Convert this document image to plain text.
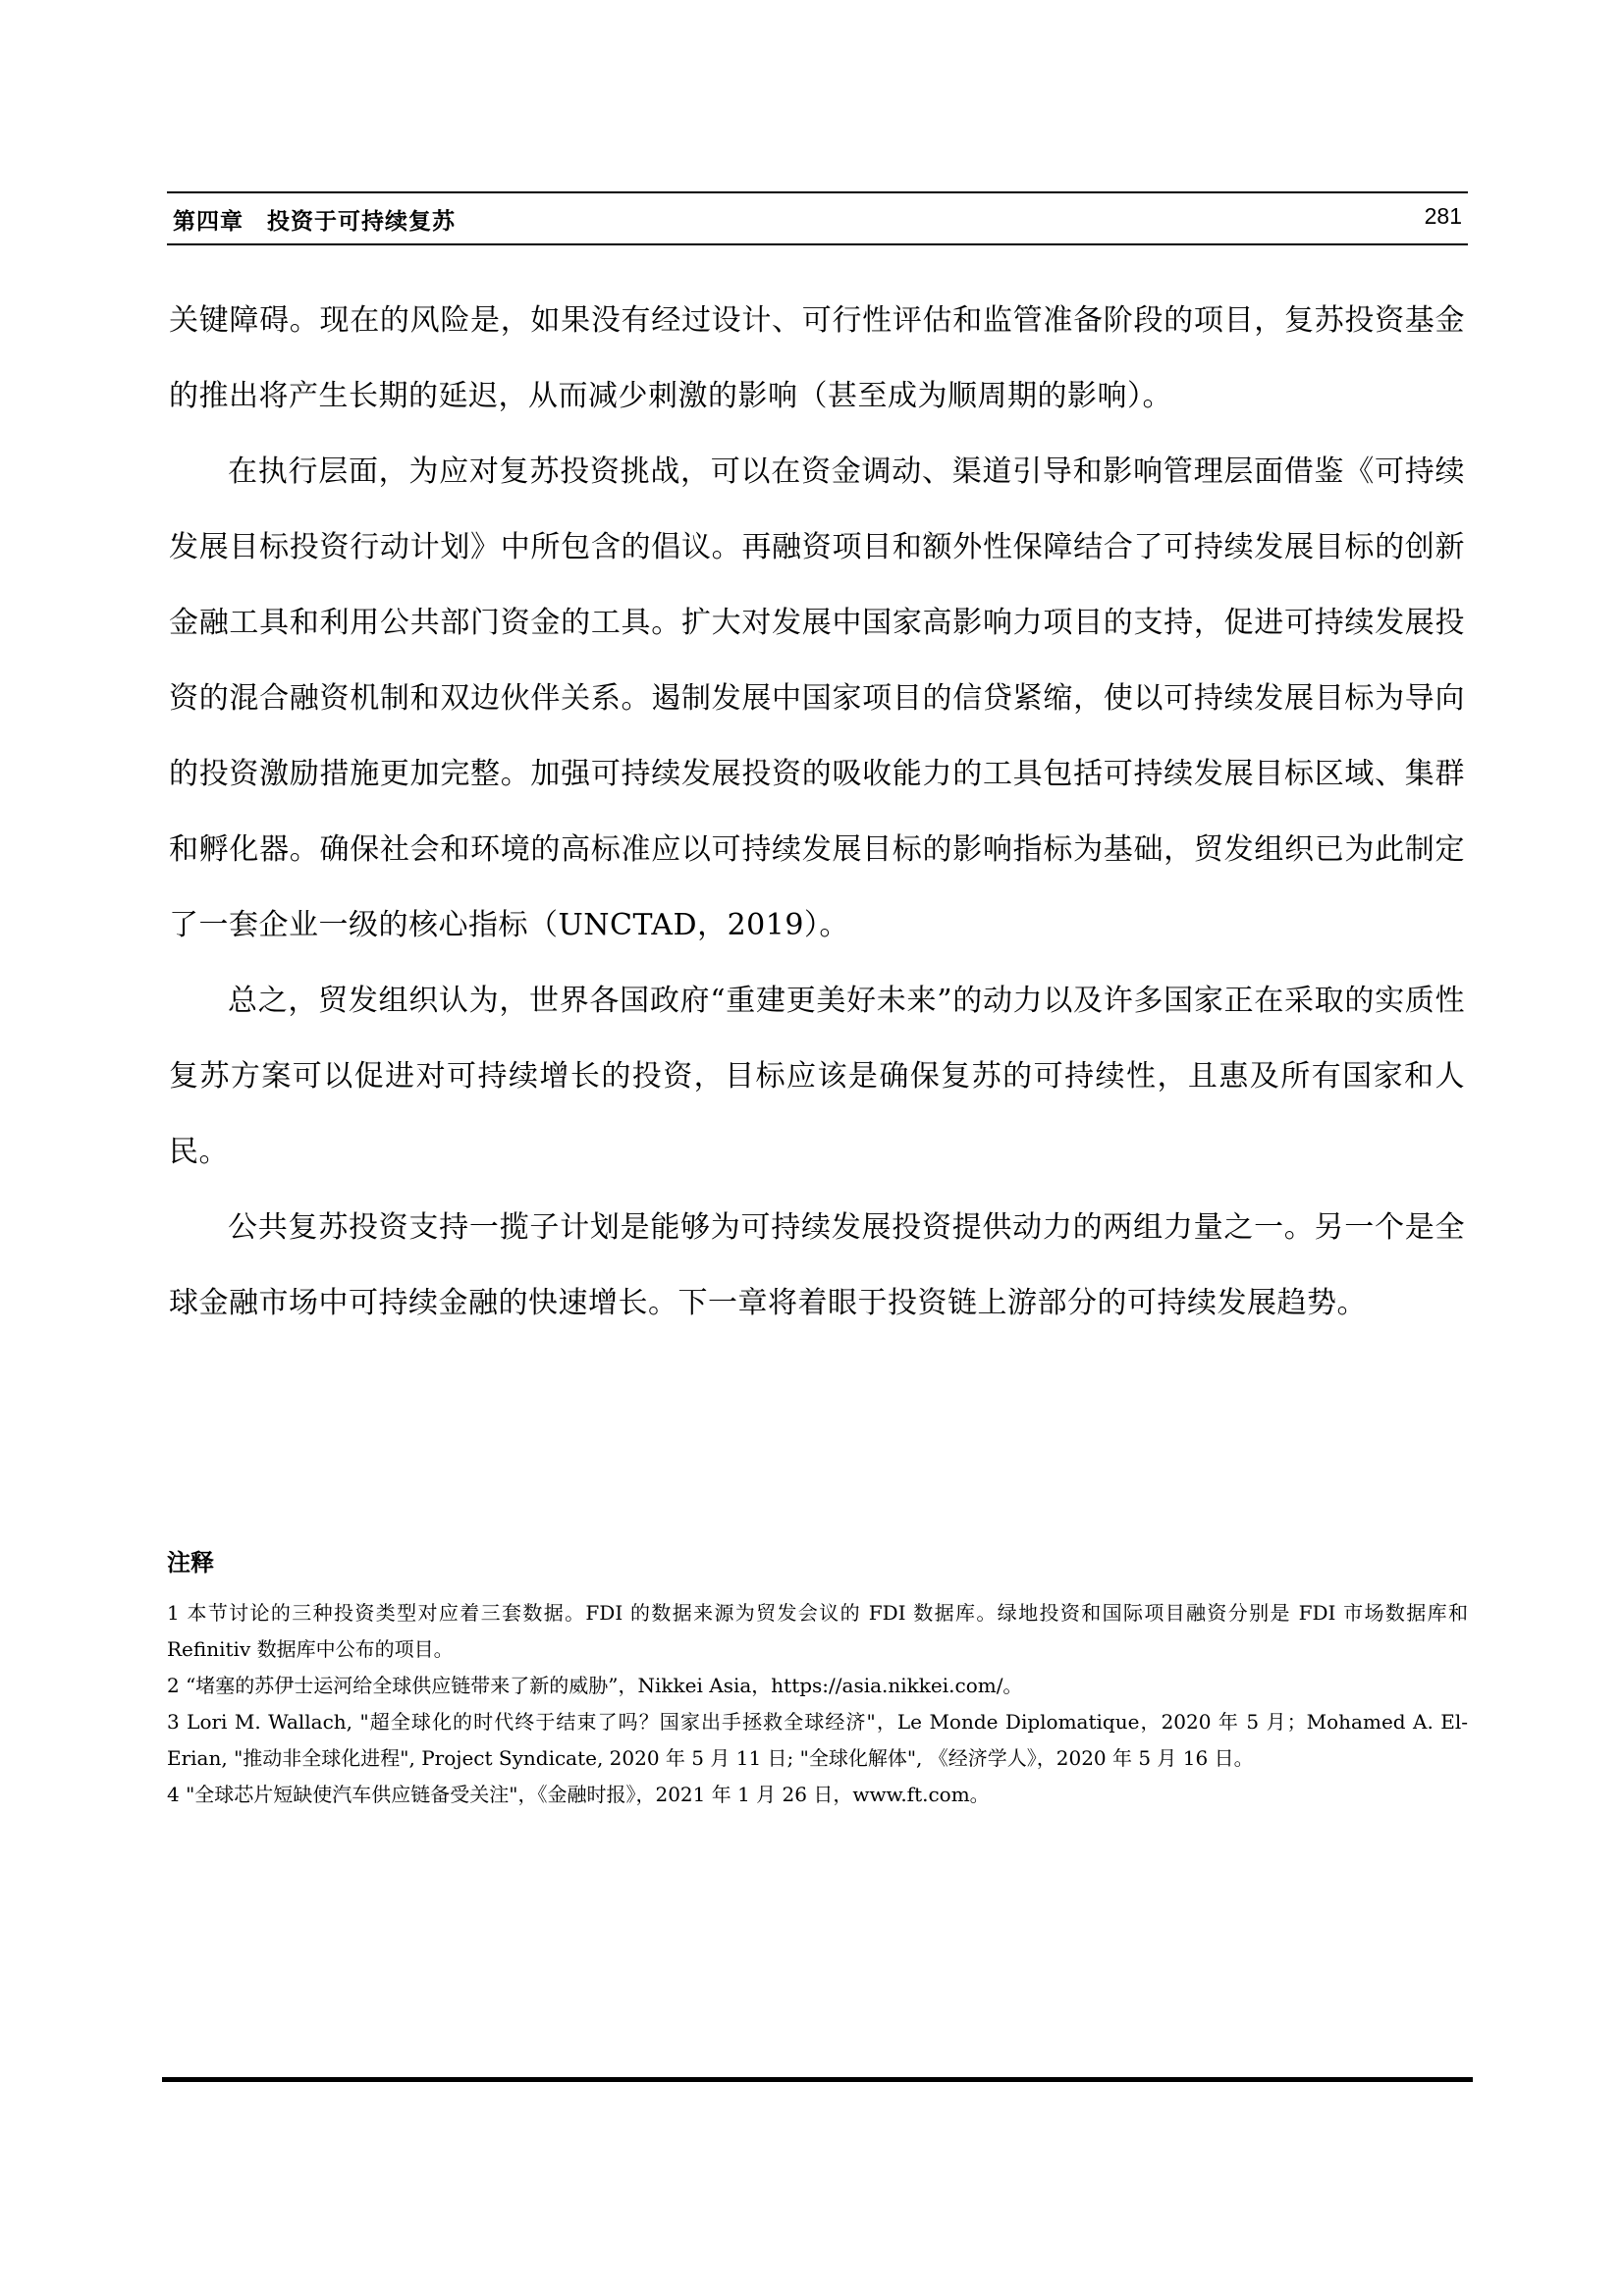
第四章　投资于可持续复苏	281

关键障碍。现在的风险是，如果没有经过设计、可行性评估和监管准备阶段的项目，复苏投资基金的推出将产生长期的延迟，从而减少刺激的影响（甚至成为顺周期的影响）。

在执行层面，为应对复苏投资挑战，可以在资金调动、渠道引导和影响管理层面借鉴《可持续发展目标投资行动计划》中所包含的倡议。再融资项目和额外性保障结合了可持续发展目标的创新金融工具和利用公共部门资金的工具。扩大对发展中国家高影响力项目的支持，促进可持续发展投资的混合融资机制和双边伙伴关系。遏制发展中国家项目的信贷紧缩，使以可持续发展目标为导向的投资激励措施更加完整。加强可持续发展投资的吸收能力的工具包括可持续发展目标区域、集群和孵化器。确保社会和环境的高标准应以可持续发展目标的影响指标为基础，贸发组织已为此制定了一套企业一级的核心指标（UNCTAD，2019）。

总之，贸发组织认为，世界各国政府“重建更美好未来”的动力以及许多国家正在采取的实质性复苏方案可以促进对可持续增长的投资，目标应该是确保复苏的可持续性，且惠及所有国家和人民。

公共复苏投资支持一揽子计划是能够为可持续发展投资提供动力的两组力量之一。另一个是全球金融市场中可持续金融的快速增长。下一章将着眼于投资链上游部分的可持续发展趋势。

注释

1 本节讨论的三种投资类型对应着三套数据。FDI 的数据来源为贸发会议的 FDI 数据库。绿地投资和国际项目融资分别是 FDI 市场数据库和 Refinitiv 数据库中公布的项目。

2 “堵塞的苏伊士运河给全球供应链带来了新的威胁”，Nikkei Asia，https://asia.nikkei.com/。

3 Lori M. Wallach, "超全球化的时代终于结束了吗？国家出手拯救全球经济"，Le Monde Diplomatique，2020 年 5 月；Mohamed A. El-Erian, "推动非全球化进程", Project Syndicate, 2020 年 5 月 11 日; "全球化解体", 《经济学人》，2020 年 5 月 16 日。

4 "全球芯片短缺使汽车供应链备受关注"，《金融时报》，2021 年 1 月 26 日，www.ft.com。
